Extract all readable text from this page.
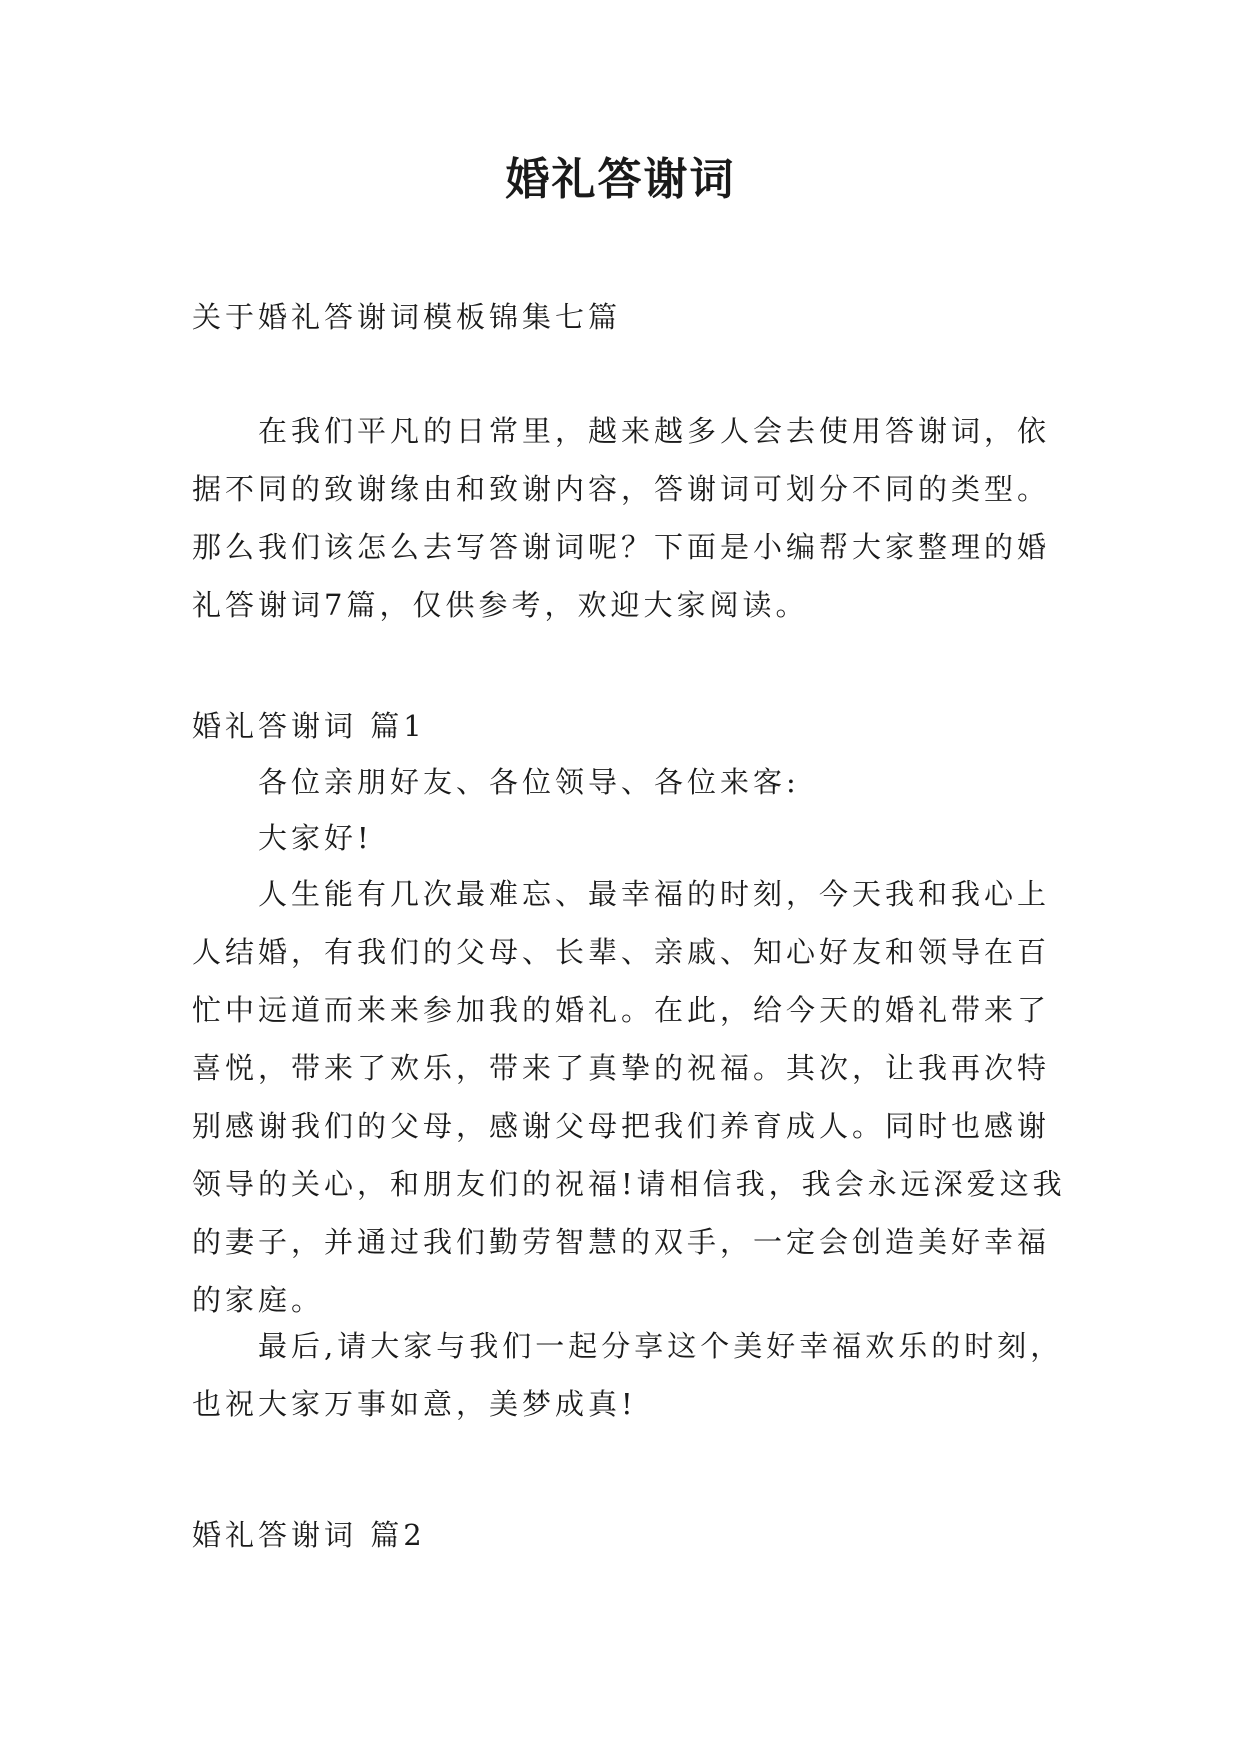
婚礼答谢词

关于婚礼答谢词模板锦集七篇

在我们平凡的日常里，越来越多人会去使用答谢词，依据不同的致谢缘由和致谢内容，答谢词可划分不同的类型。那么我们该怎么去写答谢词呢？下面是小编帮大家整理的婚礼答谢词7篇，仅供参考，欢迎大家阅读。

婚礼答谢词 篇1

各位亲朋好友、各位领导、各位来客:

大家好!

人生能有几次最难忘、最幸福的时刻，今天我和我心上人结婚，有我们的父母、长辈、亲戚、知心好友和领导在百忙中远道而来来参加我的婚礼。在此，给今天的婚礼带来了喜悦，带来了欢乐，带来了真挚的祝福。其次，让我再次特别感谢我们的父母，感谢父母把我们养育成人。同时也感谢领导的关心，和朋友们的祝福!请相信我，我会永远深爱这我的妻子，并通过我们勤劳智慧的双手，一定会创造美好幸福的家庭。

最后,请大家与我们一起分享这个美好幸福欢乐的时刻，也祝大家万事如意，美梦成真!

婚礼答谢词 篇2
